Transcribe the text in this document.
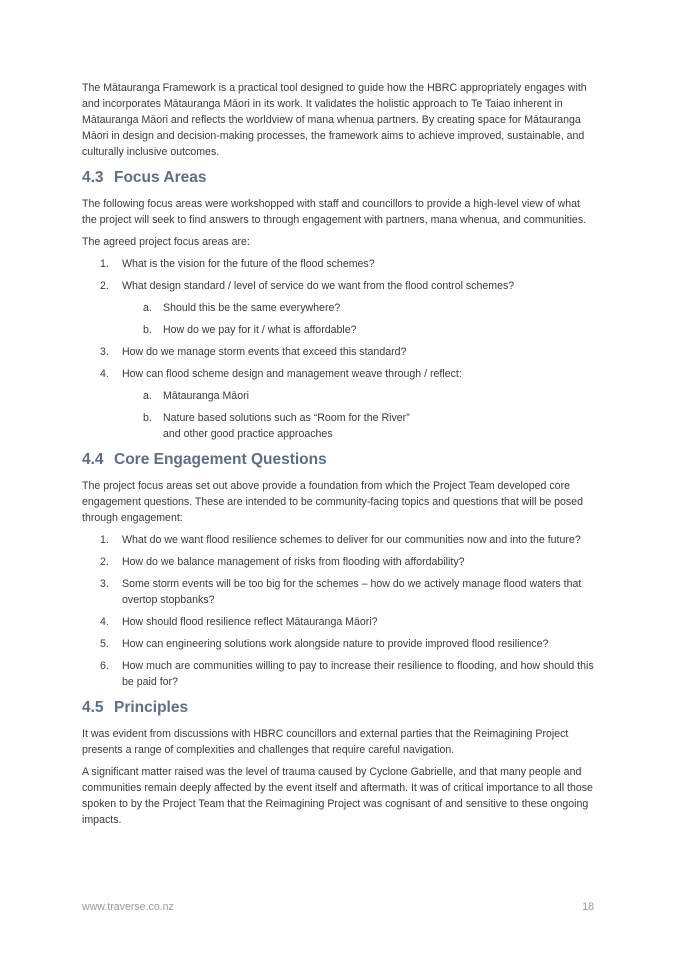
The Mātauranga Framework is a practical tool designed to guide how the HBRC appropriately engages with and incorporates Mātauranga Māori in its work. It validates the holistic approach to Te Taiao inherent in Mātauranga Māori and reflects the worldview of mana whenua partners. By creating space for Mātauranga Māori in design and decision-making processes, the framework aims to achieve improved, sustainable, and culturally inclusive outcomes.

4.3 Focus Areas

The following focus areas were workshopped with staff and councillors to provide a high-level view of what the project will seek to find answers to through engagement with partners, mana whenua, and communities.

The agreed project focus areas are:

1. What is the vision for the future of the flood schemes?
2. What design standard / level of service do we want from the flood control schemes?
a. Should this be the same everywhere?
b. How do we pay for it / what is affordable?
3. How do we manage storm events that exceed this standard?
4. How can flood scheme design and management weave through / reflect:
a. Mātauranga Māori
b. Nature based solutions such as “Room for the River”
and other good practice approaches
4.4 Core Engagement Questions

The project focus areas set out above provide a foundation from which the Project Team developed core engagement questions. These are intended to be community-facing topics and questions that will be posed through engagement:

1. What do we want flood resilience schemes to deliver for our communities now and into the future?
2. How do we balance management of risks from flooding with affordability?
3. Some storm events will be too big for the schemes – how do we actively manage flood waters that overtop stopbanks?
4. How should flood resilience reflect Mātauranga Māori?
5. How can engineering solutions work alongside nature to provide improved flood resilience?
6. How much are communities willing to pay to increase their resilience to flooding, and how should this be paid for?
4.5 Principles

It was evident from discussions with HBRC councillors and external parties that the Reimagining Project presents a range of complexities and challenges that require careful navigation.

A significant matter raised was the level of trauma caused by Cyclone Gabrielle, and that many people and communities remain deeply affected by the event itself and aftermath. It was of critical importance to all those spoken to by the Project Team that the Reimagining Project was cognisant of and sensitive to these ongoing impacts.

www.traverse.co.nz	18
